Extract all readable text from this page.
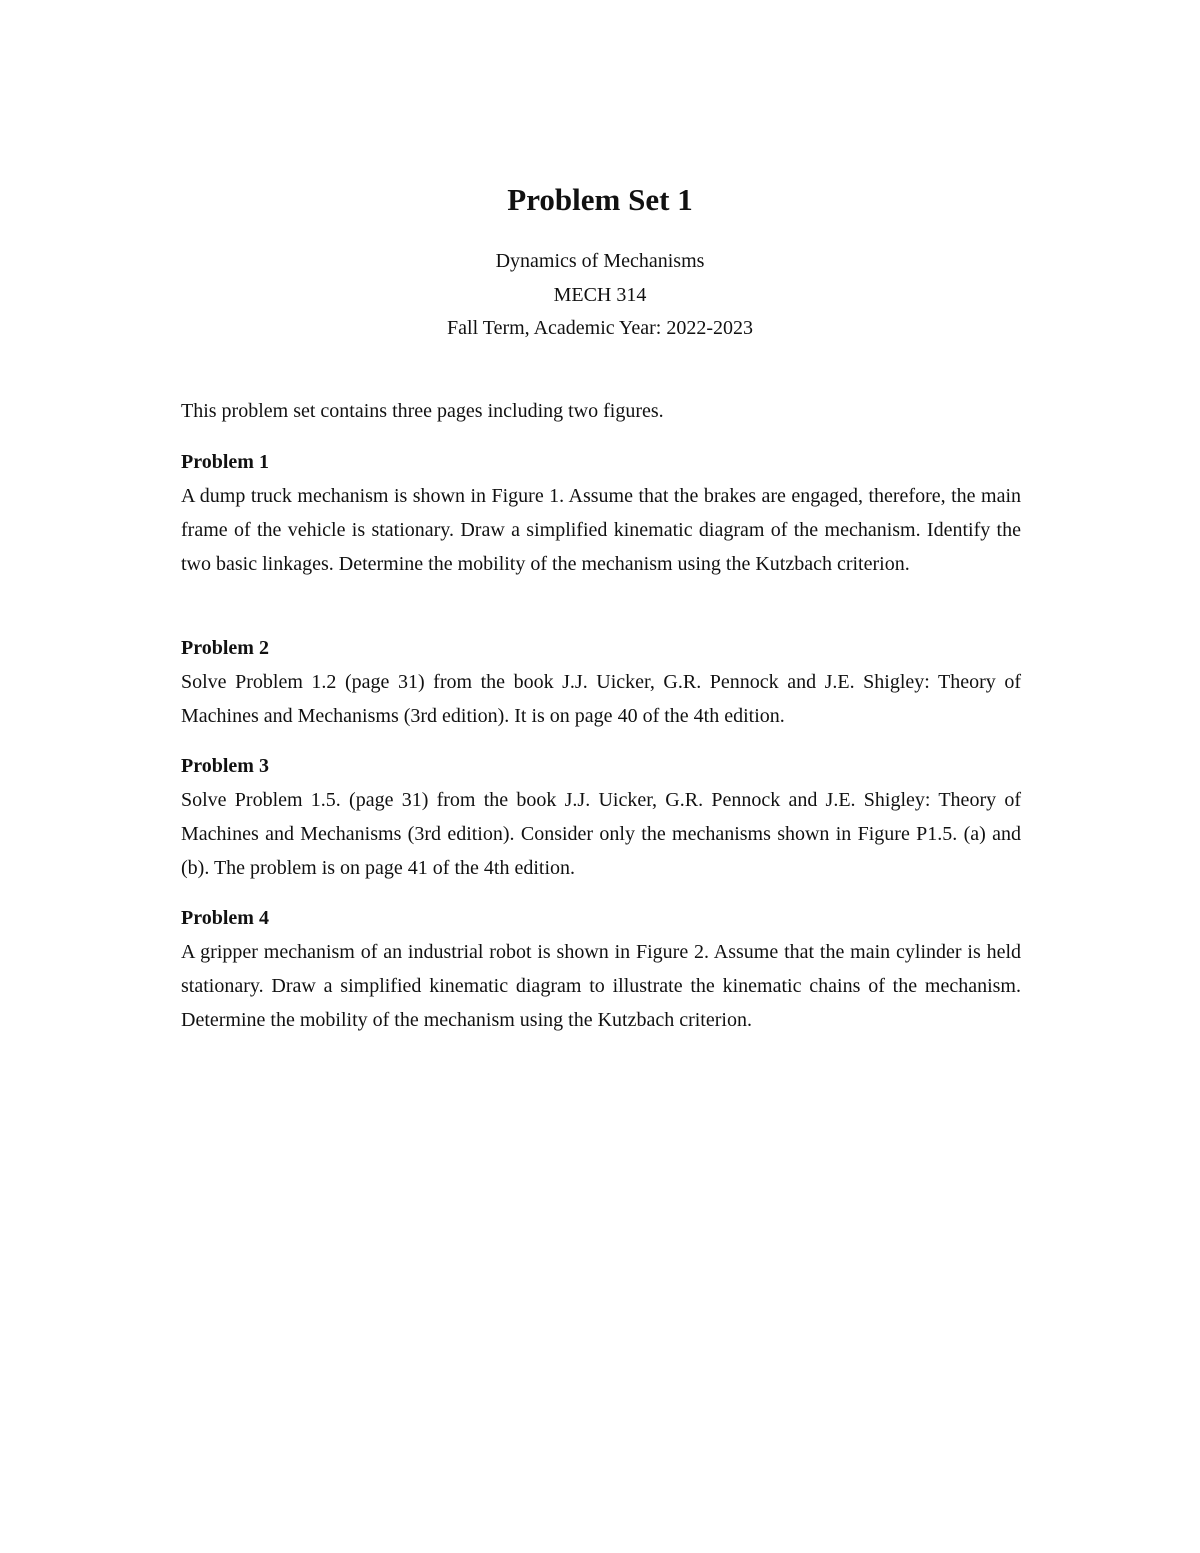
Problem Set 1

Dynamics of Mechanisms

MECH 314

Fall Term, Academic Year: 2022-2023

This problem set contains three pages including two figures.

Problem 1

A dump truck mechanism is shown in Figure 1. Assume that the brakes are engaged, therefore, the main frame of the vehicle is stationary. Draw a simplified kinematic diagram of the mechanism. Identify the two basic linkages. Determine the mobility of the mechanism using the Kutzbach criterion.

Problem 2

Solve Problem 1.2 (page 31) from the book J.J. Uicker, G.R. Pennock and J.E. Shigley: Theory of Machines and Mechanisms (3rd edition). It is on page 40 of the 4th edition.

Problem 3

Solve Problem 1.5. (page 31) from the book J.J. Uicker, G.R. Pennock and J.E. Shigley: Theory of Machines and Mechanisms (3rd edition). Consider only the mechanisms shown in Figure P1.5. (a) and (b). The problem is on page 41 of the 4th edition.

Problem 4

A gripper mechanism of an industrial robot is shown in Figure 2. Assume that the main cylinder is held stationary. Draw a simplified kinematic diagram to illustrate the kinematic chains of the mechanism. Determine the mobility of the mechanism using the Kutzbach criterion.
